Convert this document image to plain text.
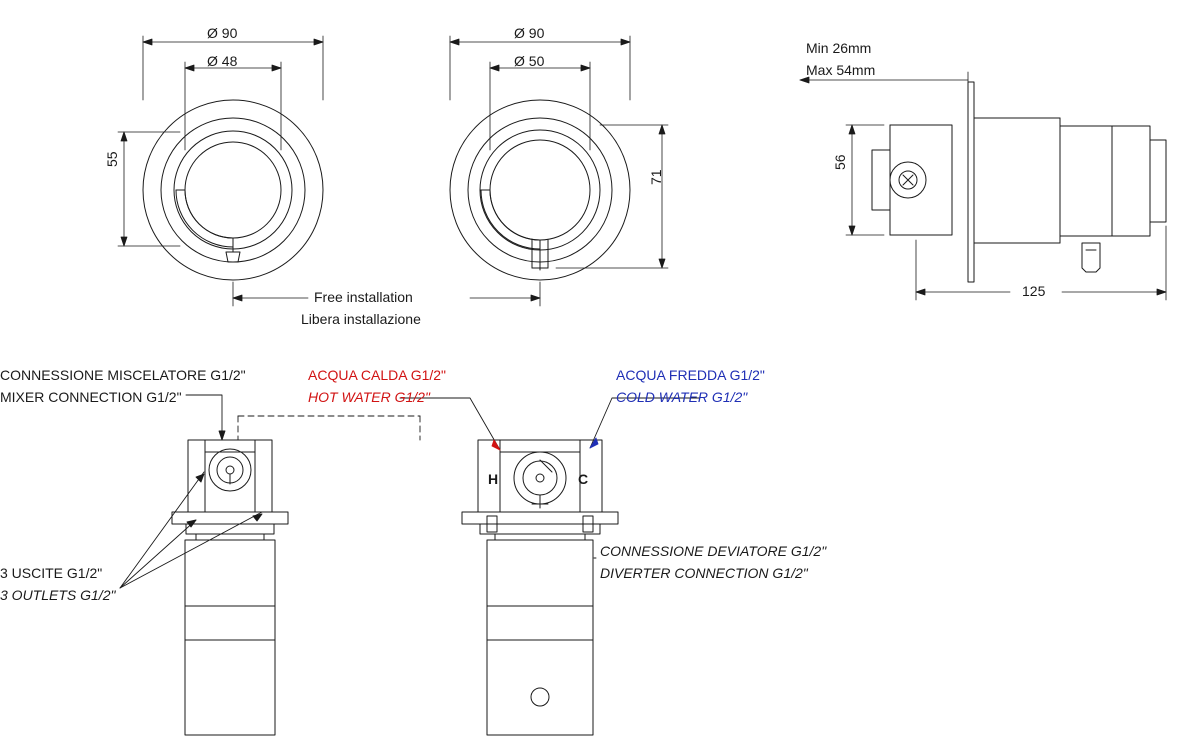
H	C
Ø 90
Ø 48
55
Ø 90
Ø 50
71
Free installation
Libera installazione
Min 26mm
Max 54mm
56
125
CONNESSIONE MISCELATORE G1/2"
MIXER CONNECTION G1/2"
ACQUA CALDA G1/2"
HOT WATER G1/2"
ACQUA FREDDA G1/2"
COLD WATER G1/2"
3 USCITE G1/2"
3 OUTLETS G1/2"
CONNESSIONE DEVIATORE G1/2"
DIVERTER CONNECTION G1/2"
